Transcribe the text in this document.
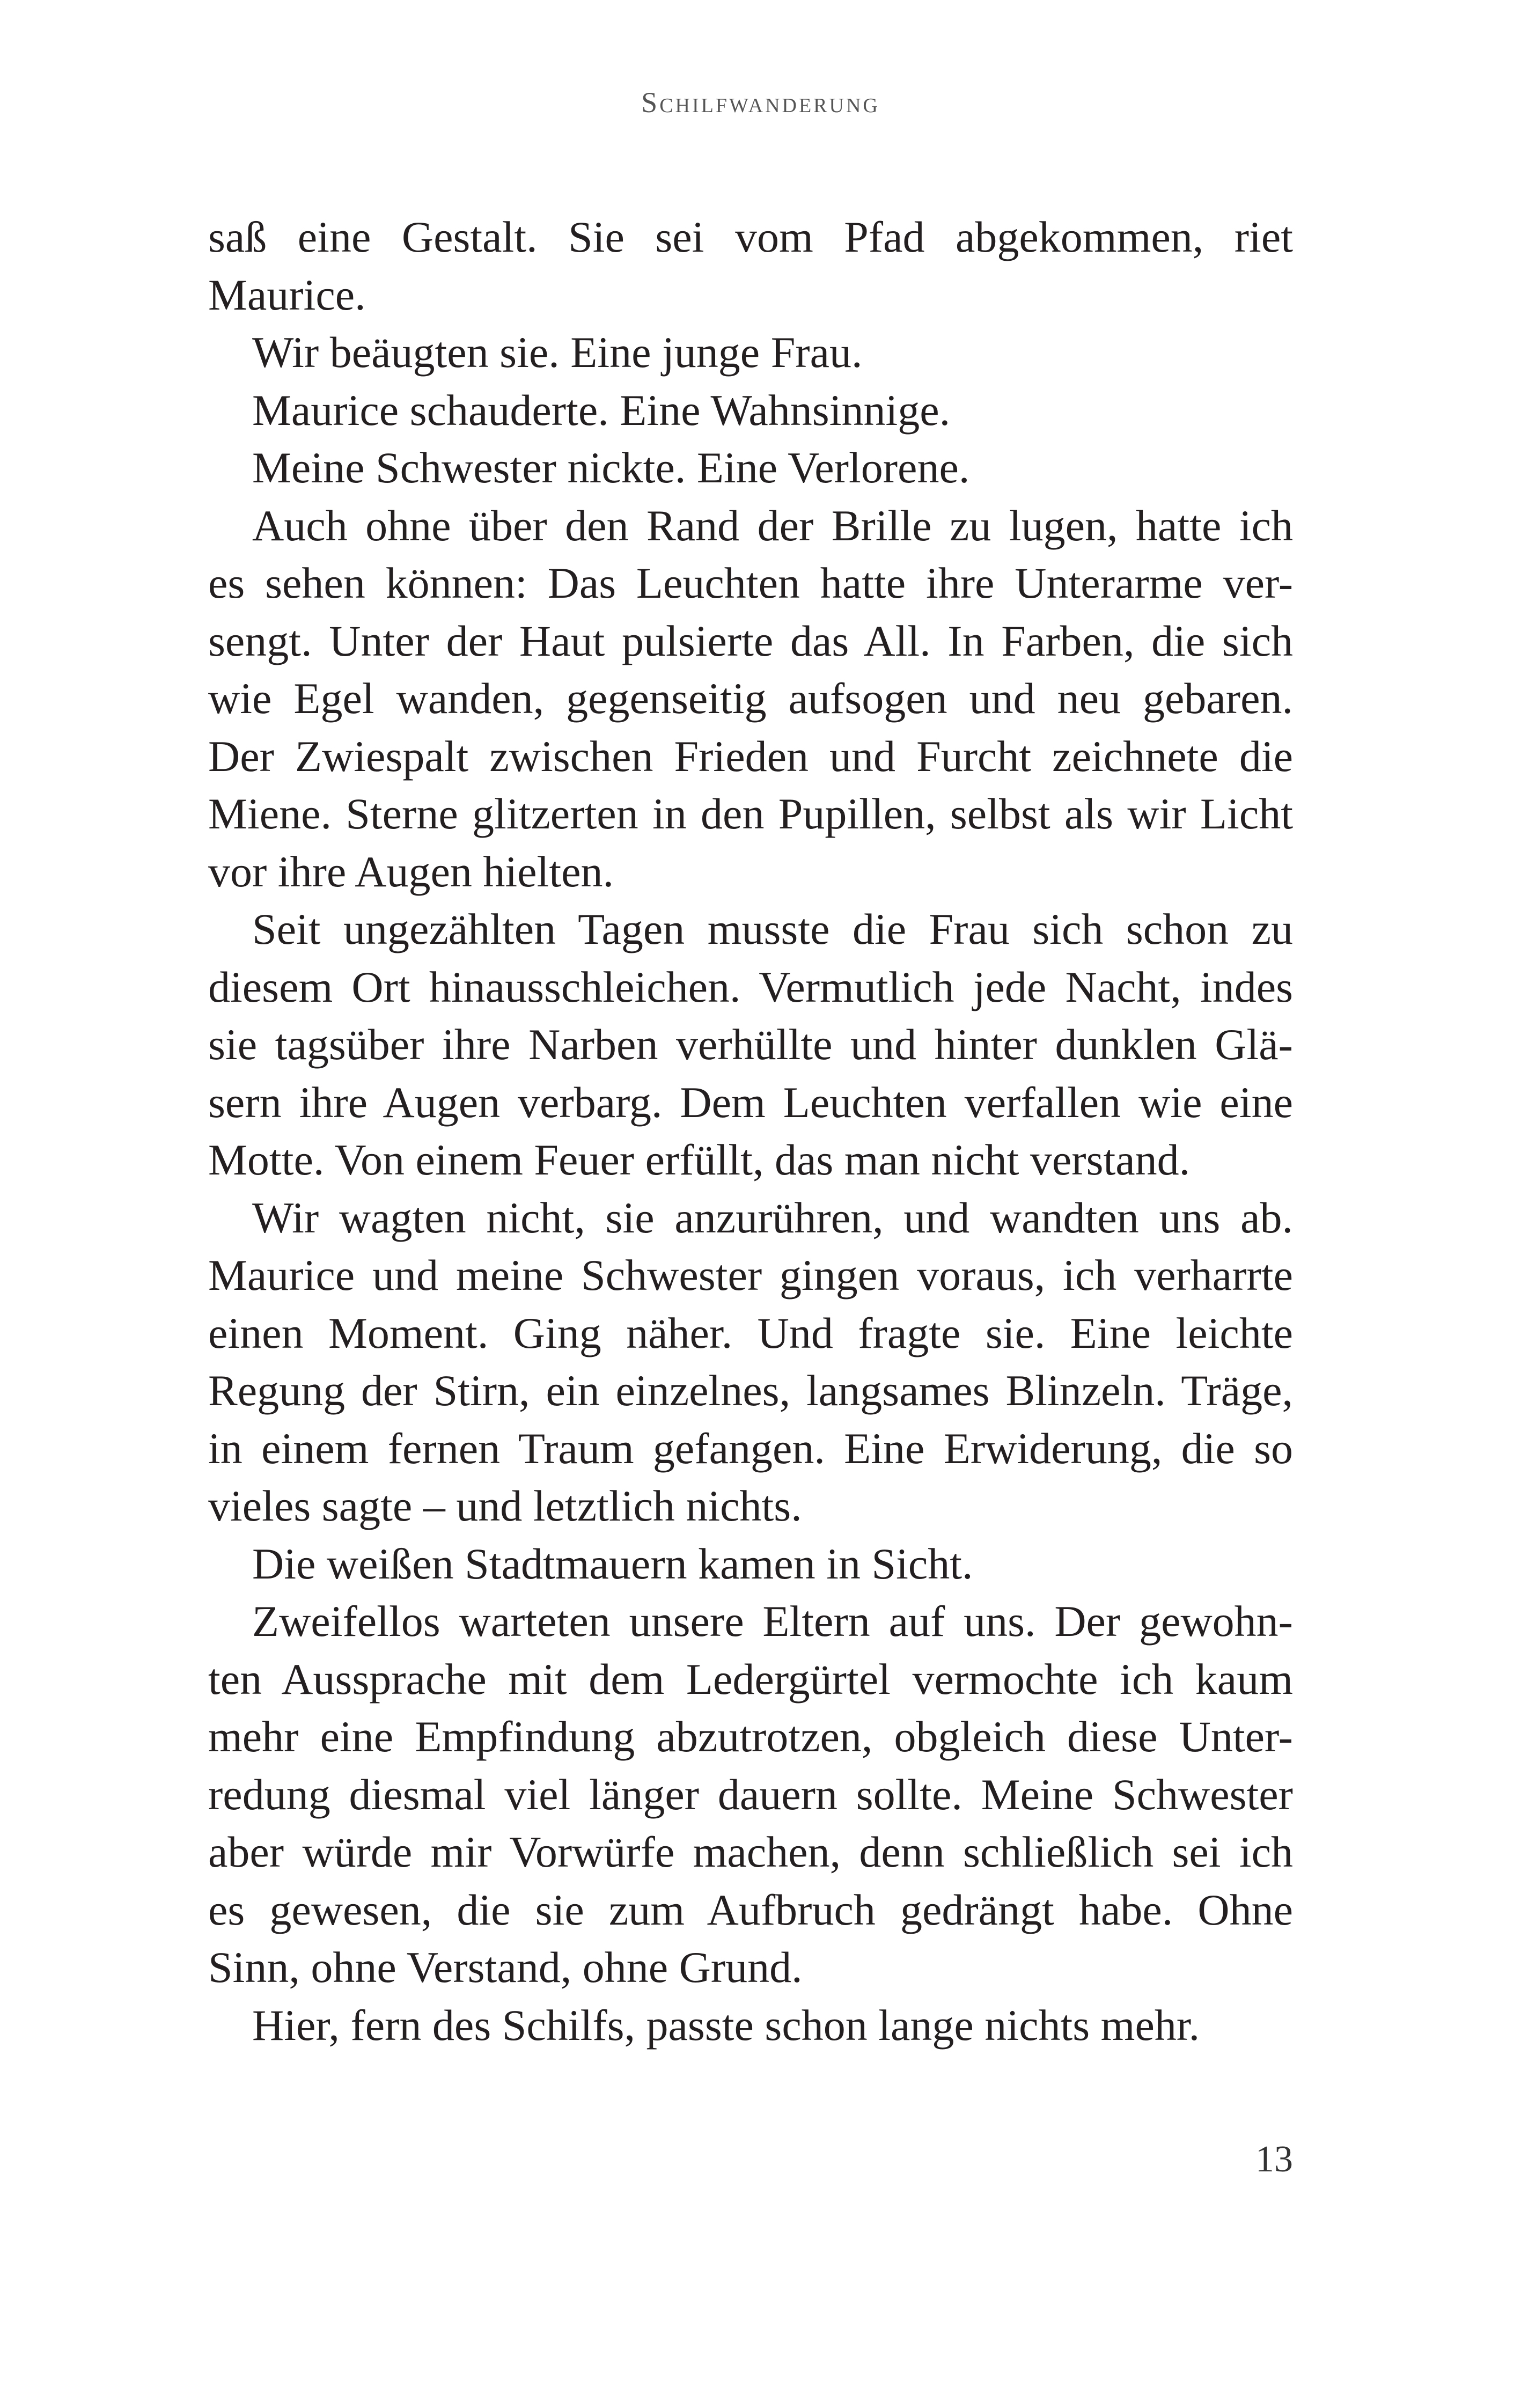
Schilfwanderung
saß eine Gestalt. Sie sei vom Pfad abgekommen, riet
Maurice.
Wir beäugten sie. Eine junge Frau.
Maurice schauderte. Eine Wahnsinnige.
Meine Schwester nickte. Eine Verlorene.
Auch ohne über den Rand der Brille zu lugen, hatte ich
es sehen können: Das Leuchten hatte ihre Unterarme ver-
sengt. Unter der Haut pulsierte das All. In Farben, die sich
wie Egel wanden, gegenseitig aufsogen und neu gebaren.
Der Zwiespalt zwischen Frieden und Furcht zeichnete die
Miene. Sterne glitzerten in den Pupillen, selbst als wir Licht
vor ihre Augen hielten.
Seit ungezählten Tagen musste die Frau sich schon zu
diesem Ort hinausschleichen. Vermutlich jede Nacht, indes
sie tagsüber ihre Narben verhüllte und hinter dunklen Glä-
sern ihre Augen verbarg. Dem Leuchten verfallen wie eine
Motte. Von einem Feuer erfüllt, das man nicht verstand.
Wir wagten nicht, sie anzurühren, und wandten uns ab.
Maurice und meine Schwester gingen voraus, ich verharrte
einen Moment. Ging näher. Und fragte sie. Eine leichte
Regung der Stirn, ein einzelnes, langsames Blinzeln. Träge,
in einem fernen Traum gefangen. Eine Erwiderung, die so
vieles sagte – und letztlich nichts.
Die weißen Stadtmauern kamen in Sicht.
Zweifellos warteten unsere Eltern auf uns. Der gewohn-
ten Aussprache mit dem Ledergürtel vermochte ich kaum
mehr eine Empfindung abzutrotzen, obgleich diese Unter-
redung diesmal viel länger dauern sollte. Meine Schwester
aber würde mir Vorwürfe machen, denn schließlich sei ich
es gewesen, die sie zum Aufbruch gedrängt habe. Ohne
Sinn, ohne Verstand, ohne Grund.
Hier, fern des Schilfs, passte schon lange nichts mehr.
13
